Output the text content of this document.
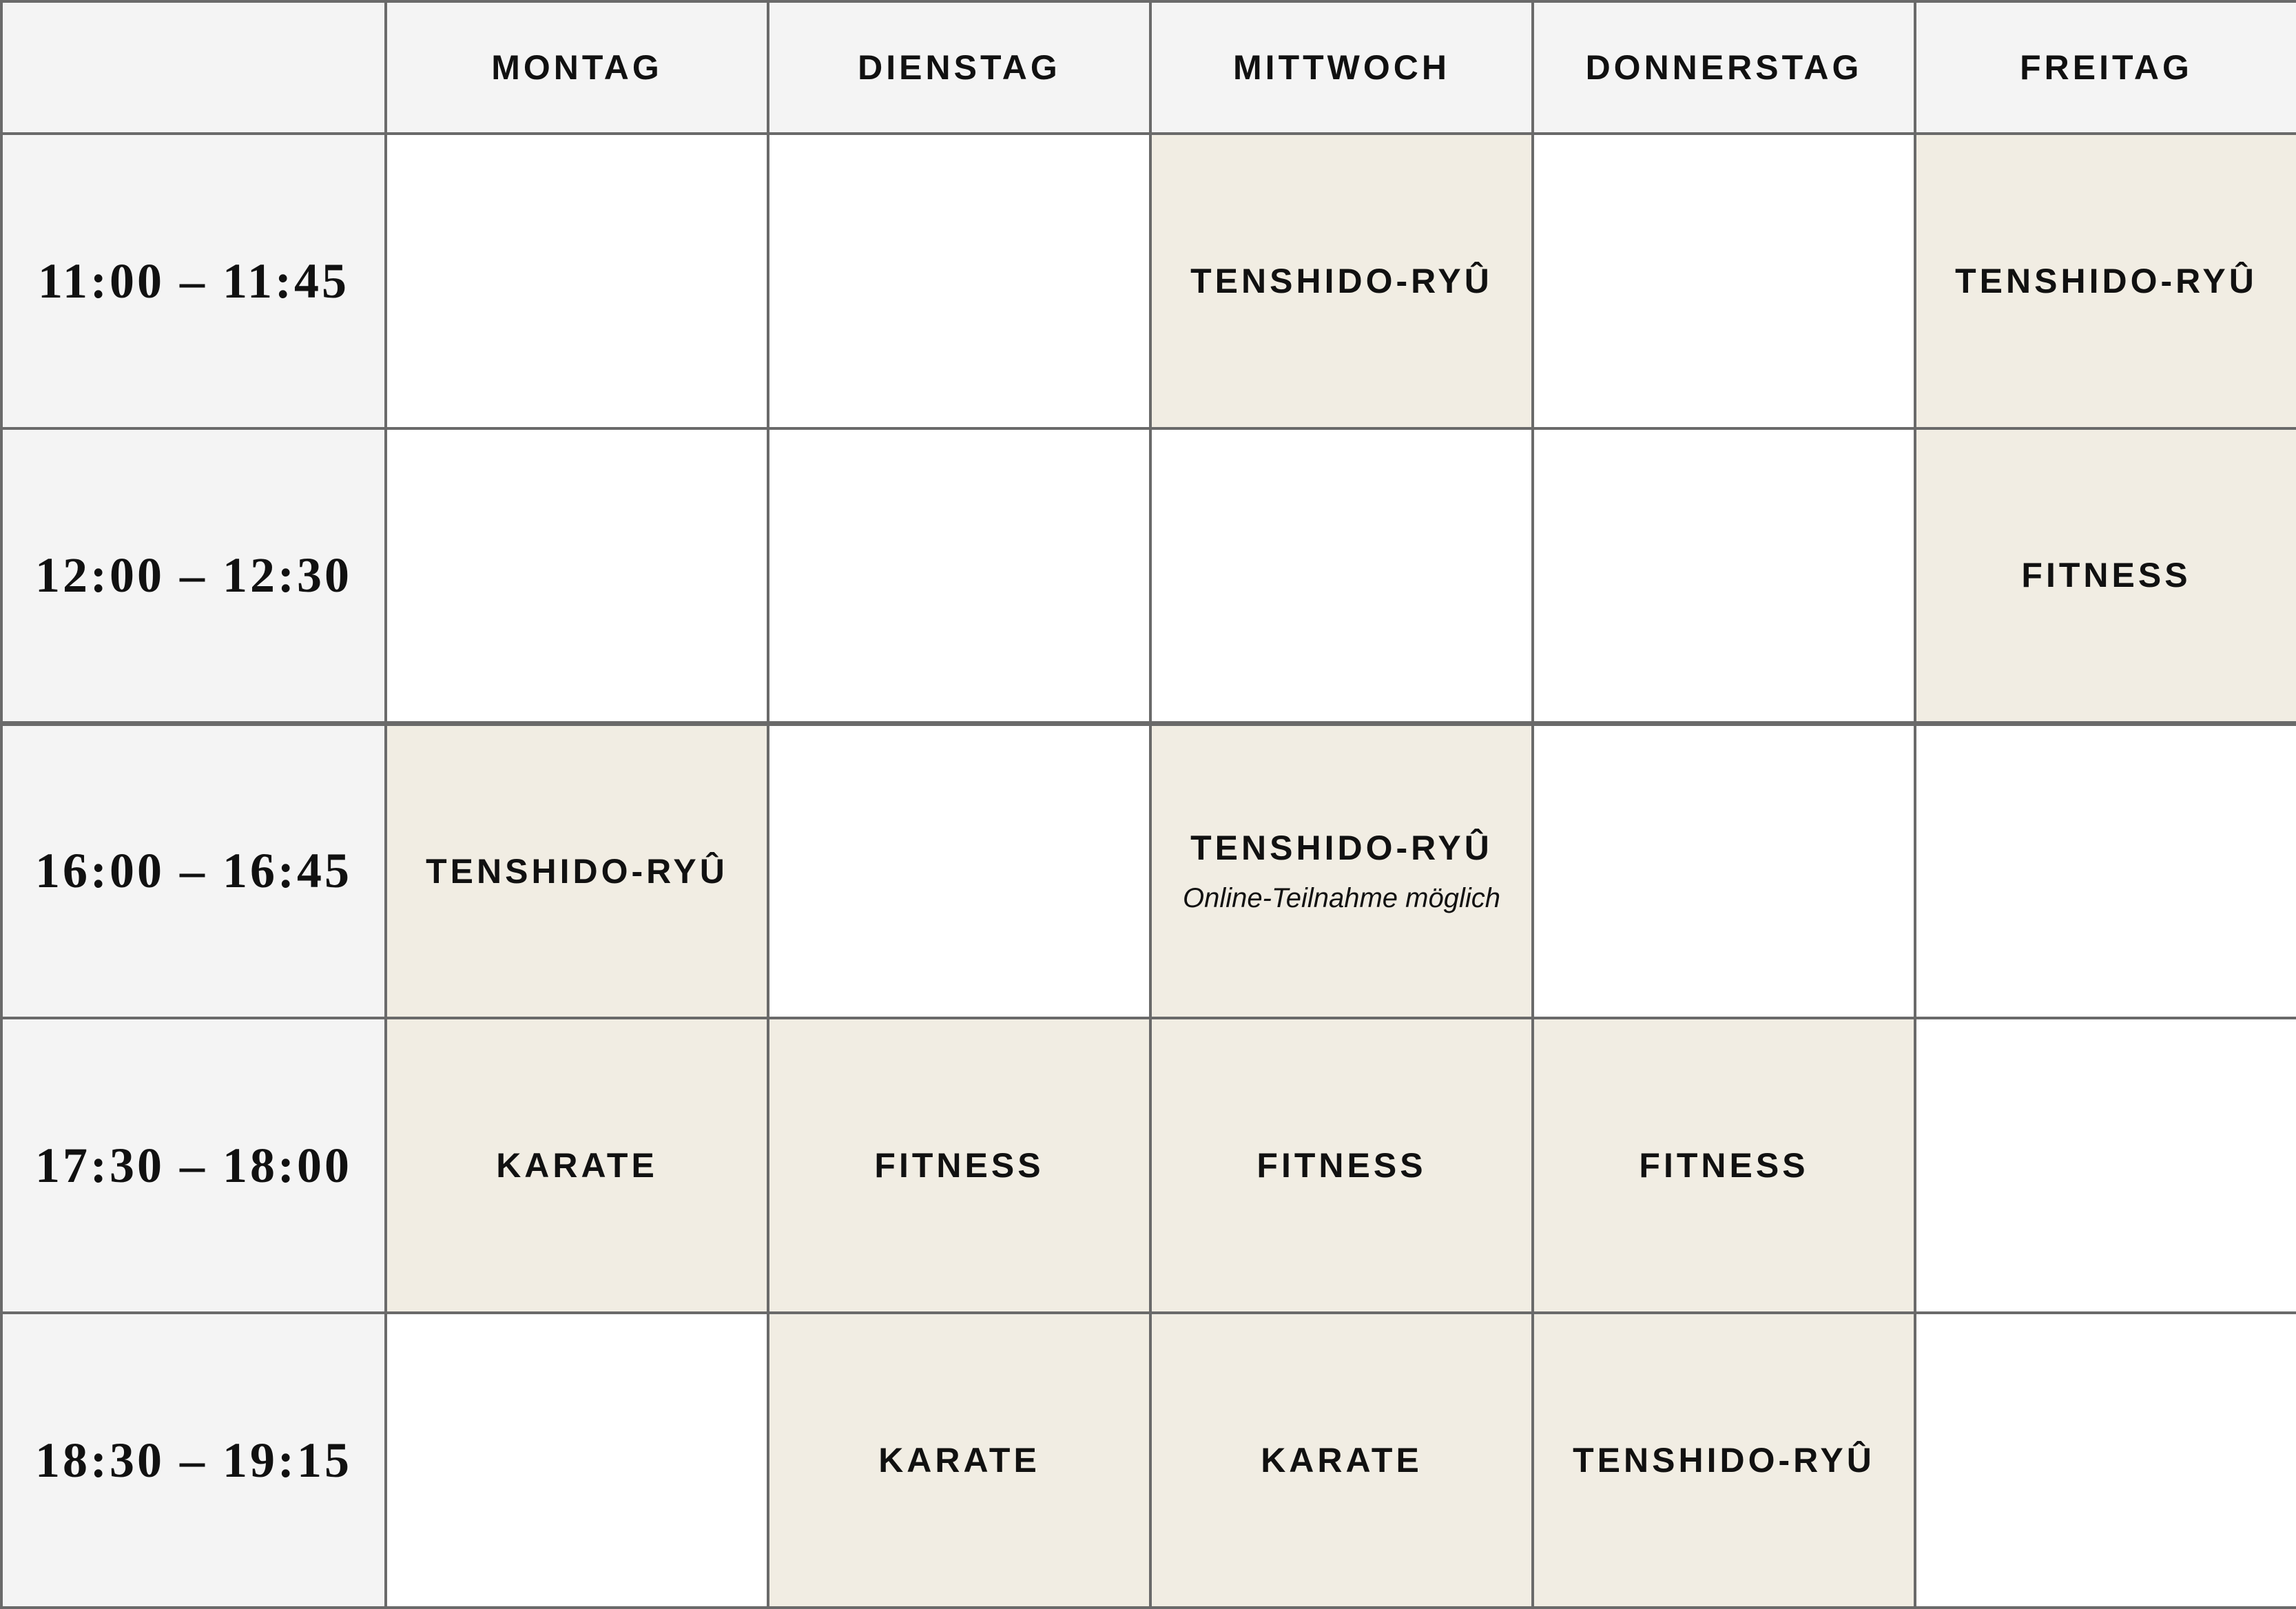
	MONTAG	DIENSTAG	MITTWOCH	DONNERSTAG	FREITAG
11:00 – 11:45			TENSHIDO-RYÛ		TENSHIDO-RYÛ

12:00 – 12:30					FITNESS

16:00 – 16:45	TENSHIDO-RYÛ		TENSHIDO-RYÛ
Online-Teilnahme möglich		

17:30 – 18:00	KARATE	FITNESS	FITNESS	FITNESS	

18:30 – 19:15		KARATE	KARATE	TENSHIDO-RYÛ	
